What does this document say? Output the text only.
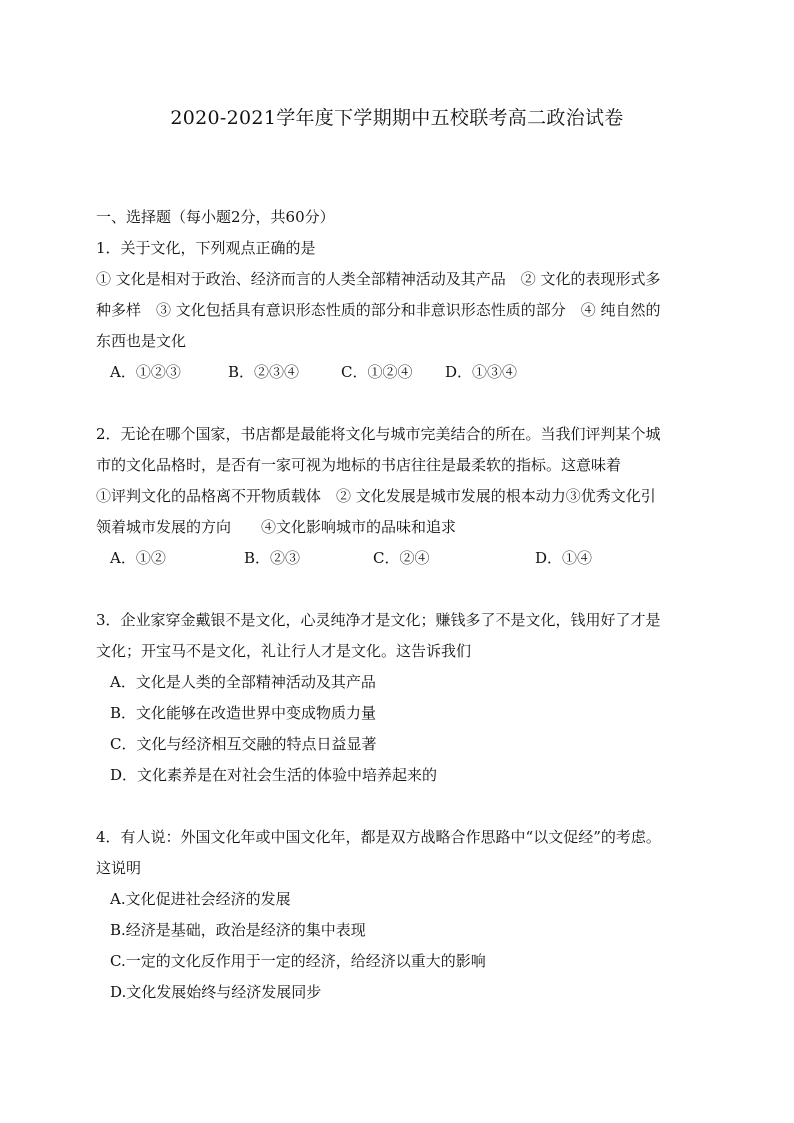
2020-2021学年度下学期期中五校联考高二政治试卷
一、选择题（每小题2分，共60分）
1．关于文化，下列观点正确的是
① 文化是相对于政治、经济而言的人类全部精神活动及其产品　② 文化的表现形式多
种多样　③ 文化包括具有意识形态性质的部分和非意识形态性质的部分　④ 纯自然的
东西也是文化
A．①②③	B．②③④	C．①②④	D．①③④
2．无论在哪个国家，书店都是最能将文化与城市完美结合的所在。当我们评判某个城
市的文化品格时，是否有一家可视为地标的书店往往是最柔软的指标。这意味着
①评判文化的品格离不开物质载体　② 文化发展是城市发展的根本动力③优秀文化引
领着城市发展的方向　　④文化影响城市的品味和追求
A．①②	B．②③	C．②④	D．①④
3．企业家穿金戴银不是文化，心灵纯净才是文化；赚钱多了不是文化，钱用好了才是
文化；开宝马不是文化，礼让行人才是文化。这告诉我们
A．文化是人类的全部精神活动及其产品
B．文化能够在改造世界中变成物质力量
C．文化与经济相互交融的特点日益显著
D．文化素养是在对社会生活的体验中培养起来的
4．有人说：外国文化年或中国文化年，都是双方战略合作思路中“以文促经”的考虑。
这说明
A.文化促进社会经济的发展
B.经济是基础，政治是经济的集中表现
C.一定的文化反作用于一定的经济，给经济以重大的影响
D.文化发展始终与经济发展同步
